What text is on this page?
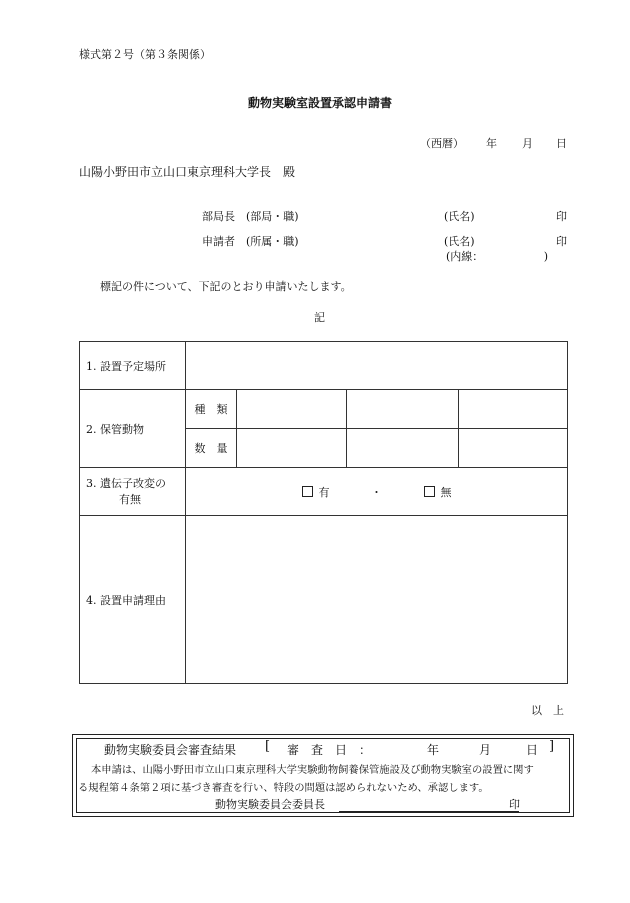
様式第２号（第３条関係）
動物実験室設置承認申請書
（西暦） 年 月 日
山陽小野田市立山口東京理科大学長　殿
部局長　(部局・職)	(氏名)	印
申請者　(所属・職)	(氏名)	印
(内線：　　　　　　)
標記の件について、下記のとおり申請いたします。
記
1. 設置予定場所				
2. 保管動物	種　類			
	数　量			

3. 遺伝子改変の
有無	有 ・ 無			
4. 設置申請理由				
以　上
動物実験委員会審査結果 [ 審　査　日　：	年	月	日 ]
本申請は、山陽小野田市立山口東京理科大学実験動物飼養保管施設及び動物実験室の設置に関す
る規程第４条第２項に基づき審査を行い、特段の問題は認められないため、承認します。
動物実験委員会委員長	印
